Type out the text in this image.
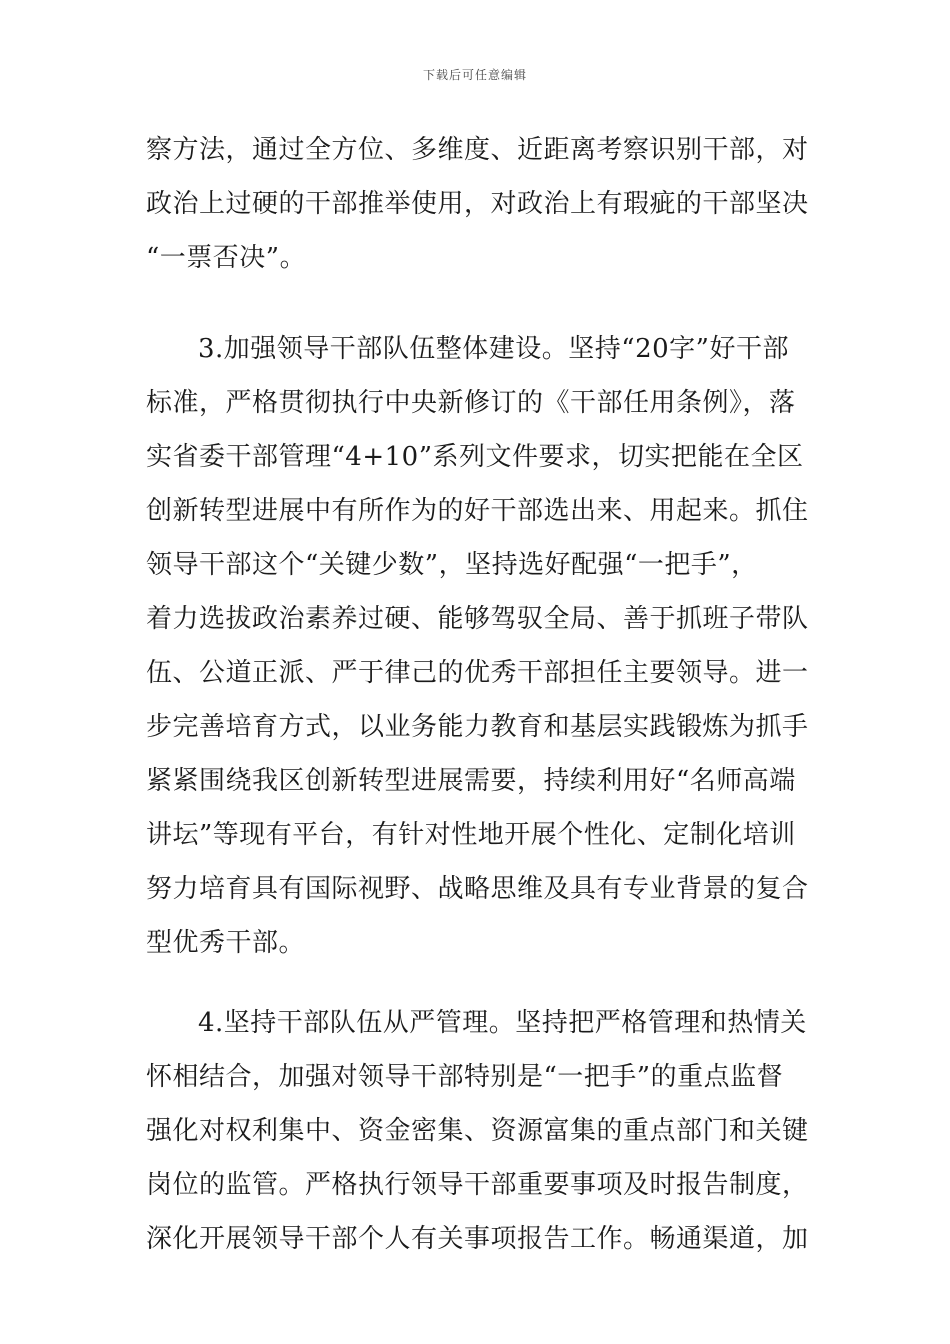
下载后可任意编辑
察方法，通过全方位、多维度、近距离考察识别干部，对
政治上过硬的干部推举使用，对政治上有瑕疵的干部坚决
“一票否决”。
3.加强领导干部队伍整体建设。坚持“20字”好干部
标准，严格贯彻执行中央新修订的《干部任用条例》，落
实省委干部管理“4+10”系列文件要求，切实把能在全区
创新转型进展中有所作为的好干部选出来、用起来。抓住
领导干部这个“关键少数”，坚持选好配强“一把手”，
着力选拔政治素养过硬、能够驾驭全局、善于抓班子带队
伍、公道正派、严于律己的优秀干部担任主要领导。进一
步完善培育方式，以业务能力教育和基层实践锻炼为抓手
紧紧围绕我区创新转型进展需要，持续利用好“名师高端
讲坛”等现有平台，有针对性地开展个性化、定制化培训
努力培育具有国际视野、战略思维及具有专业背景的复合
型优秀干部。
4.坚持干部队伍从严管理。坚持把严格管理和热情关
怀相结合，加强对领导干部特别是“一把手”的重点监督
强化对权利集中、资金密集、资源富集的重点部门和关键
岗位的监管。严格执行领导干部重要事项及时报告制度，
深化开展领导干部个人有关事项报告工作。畅通渠道，加
